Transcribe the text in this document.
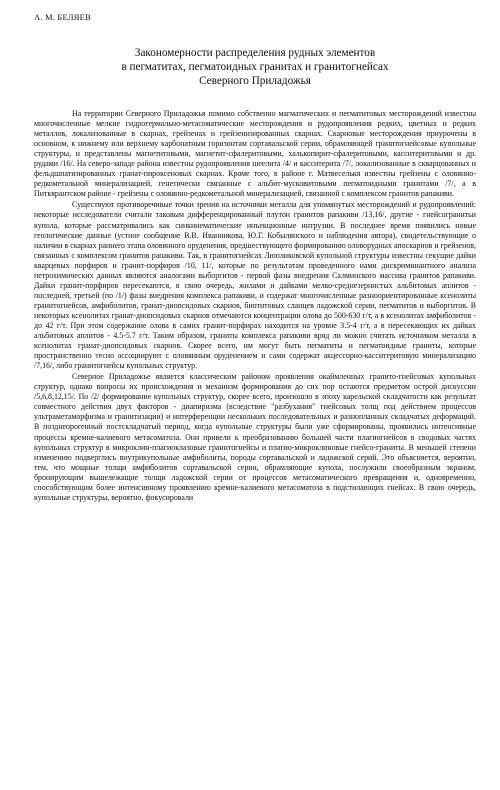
А. М. БЕЛЯЕВ
Закономерности распределения рудных элементов
в пегматитах, пегматоидных гранитах и гранитогнейсах
Северного Приладожья

На территории Северного Приладожья помимо собственно магматических и пегматитовых месторождений известны многочисленные мелкие гидротермально-метасоматические месторождения и рудопроявления редких, цветных и редких металлов, локализованные в скарнах, грейзенах и грейзенизированных скарнах. Скарновые месторождения приурочены в основном, к нижнему или верхнему карбонатным горизонтам сортавальской серии, обрамляющей гранитогнейсовые купольные структуры, и представлены магнетитовыми, магнетит-сфалеритовыми, халькопирит-сфалеритовыми, касситеритовыми и др. рудами /16/. На северо-западе района известны рудопроявления шеелита /4/ и касситерита /7/, локализованные в скварцованных и фельдшпатизированных гранат-пироксеновых скарнах. Кроме того, в районе г. Матвеселькя известны грейзены с оловянно-редкометальной минерализацией, генетически связанные с альбит-мусковитовыми пегматоидными гранитами /7/, а в Питкярантском районе - грейзены с оловянно-редкометальной минерализацией, связанной с комплексом гранитов рапакиви.

Существуют противоречивые точки зрения на источники металла для упомянутых месторождений и рудопроявлений: некоторые исследователи считали таковым дифференцированный плутон гранитов рапакиви /13,16/, другие - гнейсогранитьи купола, которые рассматривались как синкинематические инъекционные интрузии. В последнее время появились новые геологические данные (устное сообщение В.В. Иванникова, Ю.Г. Кобылянского и наблюдения автора), свидетельствующие о наличии в скарнах раннего этапа оловянного оруденения, предшествующего формированию оловорудных апоскарнов и грейзенов, связанных с комплексом гранитов рапакиви. Так, в гранитогнейсах Люпликовской купольной структуры известны секущие дайки кварцевых порфиров и гранит-порфиров /10, 11/, которые по результатам проведенного нами дискриминантного анализа петрохимических данных являются аналогами выборгитов - первой фазы внедрения Салминского массива гранитов рапакиви. Дайки гранит-порфиров пересекаются, в свою очередь, жилами и дайками мелко-среднезернистых альбитовых аплитов - последней, третьей (по /1/) фазы внедрения комплекса рапакиви, и содержат многочисленные разноориентированные ксенолиты гранитогнейсов, амфиболитов, гранат-диопсидовых скарнов, биотитовых сланцев ладожской серии, пегматитов и выборгитов. В некоторых ксенолитах гранат-диопсидовых скарнов отмечаются концентрации олова до 500-630 г/т, а в ксенолитах амфиболитов - до 42 г/т. При этом содержание олова в самих гранит-порфирах находится на уровне 3.5-4 г/т, а в пересекающих их дайках альбитовых аплитов - 4.5-5.7 г/т. Таким образом, граниты комплекса рапакиви вряд ли можно считать источником металла в ксенолитах гранат-диопсидовых скарнов. Скорее всего, им могут быть пегматиты и пегматоидные граниты, которые пространственно тесно ассоциируют с оловянным оруденением и сами содержат акцессорно-касситеритовую минерализацию /7,16/, либо гранитогнейсы купольных структур.

Северное Приладожье является классическим районом проявления окаймленных гранито-гнейсовых купольных структур, однако вопросы их происхождения и механизм формирования до сих пор остаются предметом острой дискуссии /5,6,8,12,15/. По /2/ формирование купольных структур, скорее всего, произошло в эпоху карельской складчатости как результат совместного действия двух факторов - диапиризма (вследствие "разбухания" гнейсовых толщ под действием процессов ультраметаморфизма и гранитизации) и интерференции нескольких последовательных и разнопланных складчатых деформаций. В позднеорогенный постскладчатый период, когда купольные структуры были уже сформированы, проявились интенсивные процессы кремне-калиевого метасоматоза. Они привели к преобразованию большей части плагиогнейсов в сводовых частях купольных структур в микроклин-плагиоклазовые гранитогнейсы и плагио-микроклиновые гнейсо-граниты. В меньшей степени изменению подверглись внутрикупольные амфиболиты, породы сортавальской и ладожской серий. Это объясняется, вероятно, тем, что мощные толщи амфиболитов сортавальской серии, обрамляющие купола, послужили своеобразным экраном, бронирующим вышележащие толщи ладожской серии от процессов метасоматического превращения и, одновременно, способствующим более интенсивному проявлению кремне-калиевого метасоматоза в подстилающих гнейсах. В свою очередь, купольные структуры, вероятно, фокусировали
